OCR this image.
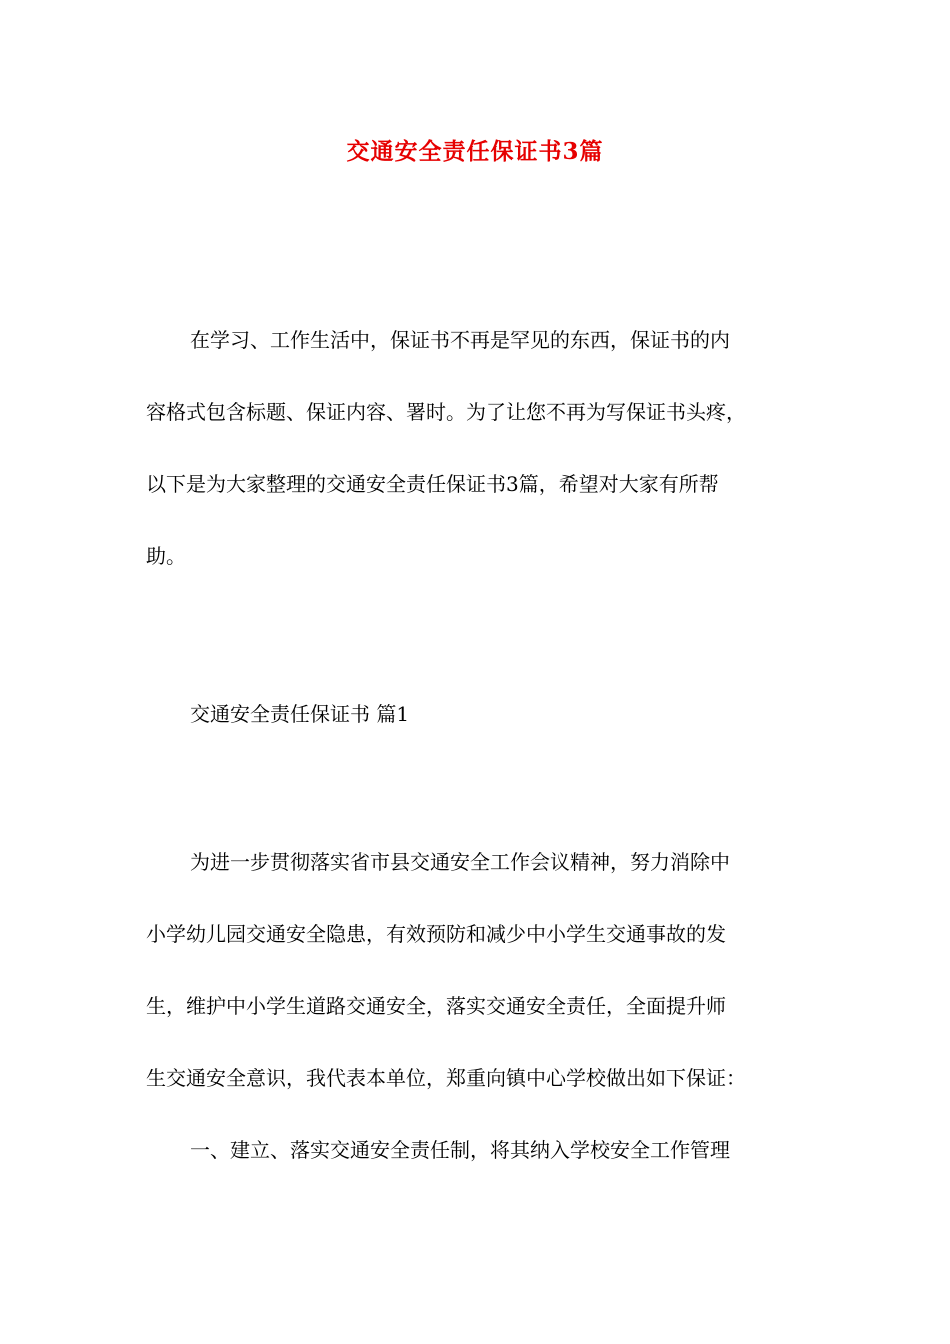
交通安全责任保证书3篇
在学习、工作生活中，保证书不再是罕见的东西，保证书的内
容格式包含标题、保证内容、署时。为了让您不再为写保证书头疼，
以下是为大家整理的交通安全责任保证书3篇，希望对大家有所帮
助。
交通安全责任保证书 篇1
为进一步贯彻落实省市县交通安全工作会议精神，努力消除中
小学幼儿园交通安全隐患，有效预防和减少中小学生交通事故的发
生，维护中小学生道路交通安全，落实交通安全责任，全面提升师
生交通安全意识，我代表本单位，郑重向镇中心学校做出如下保证：
一、建立、落实交通安全责任制，将其纳入学校安全工作管理
